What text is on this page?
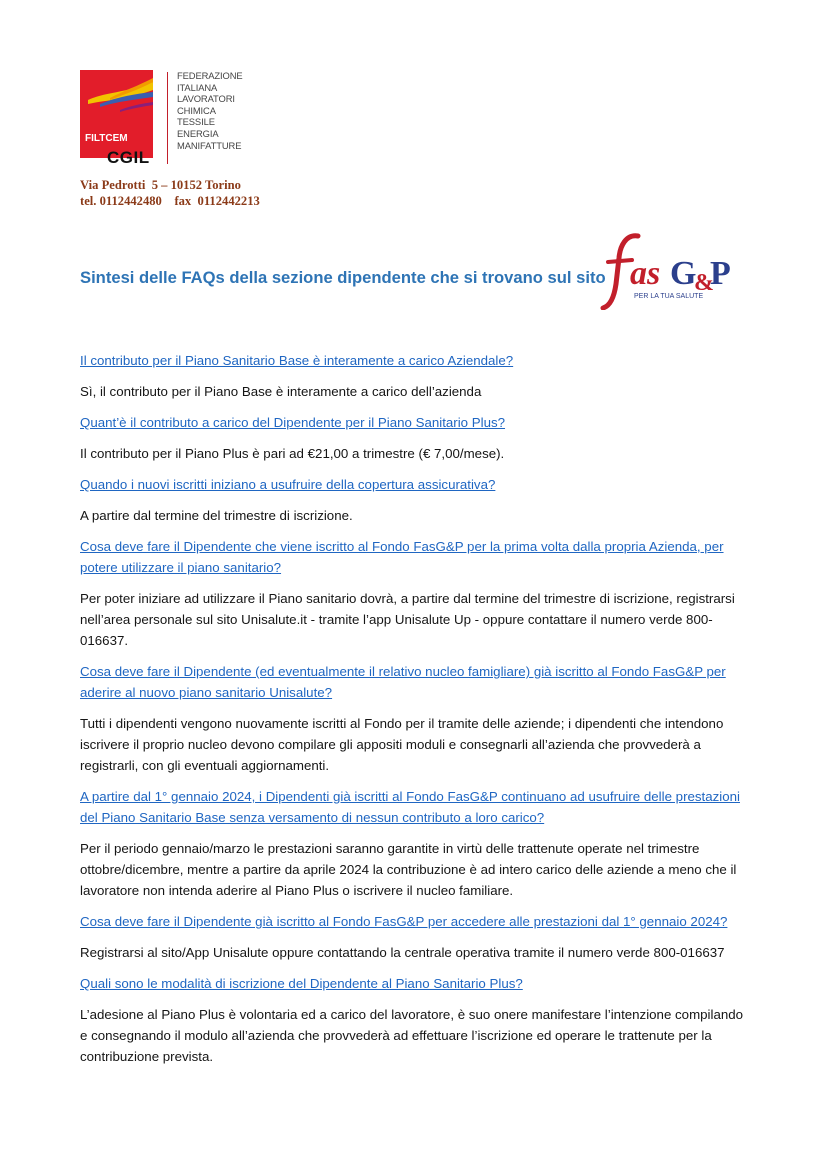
FILTCEM
CGIL
FEDERAZIONE
ITALIANA
LAVORATORI
CHIMICA
TESSILE
ENERGIA
MANIFATTURE
Via Pedrotti  5 – 10152 Torino
tel. 0112442480    fax  0112442213
Sintesi delle FAQs della sezione dipendente che si trovano sul sito as G
&
P
PER LA TUA SALUTE
Il contributo per il Piano Sanitario Base è interamente a carico Aziendale?

Sì, il contributo per il Piano Base è interamente a carico dell’azienda

Quant’è il contributo a carico del Dipendente per il Piano Sanitario Plus?

Il contributo per il Piano Plus è pari ad €21,00 a trimestre (€ 7,00/mese).

Quando i nuovi iscritti iniziano a usufruire della copertura assicurativa?

A partire dal termine del trimestre di iscrizione.

Cosa deve fare il Dipendente che viene iscritto al Fondo FasG&P per la prima volta dalla propria Azienda, per potere utilizzare il piano sanitario?

Per poter iniziare ad utilizzare il Piano sanitario dovrà, a partire dal termine del trimestre di iscrizione, registrarsi nell’area personale sul sito Unisalute.it - tramite l’app Unisalute Up - oppure contattare il numero verde 800-016637.

Cosa deve fare il Dipendente (ed eventualmente il relativo nucleo famigliare) già iscritto al Fondo FasG&P per aderire al nuovo piano sanitario Unisalute?

Tutti i dipendenti vengono nuovamente iscritti al Fondo per il tramite delle aziende; i dipendenti che intendono iscrivere il proprio nucleo devono compilare gli appositi moduli e consegnarli all’azienda che provvederà a registrarli, con gli eventuali aggiornamenti.

A partire dal 1° gennaio 2024, i Dipendenti già iscritti al Fondo FasG&P continuano ad usufruire delle prestazioni del Piano Sanitario Base senza versamento di nessun contributo a loro carico?

Per il periodo gennaio/marzo le prestazioni saranno garantite in virtù delle trattenute operate nel trimestre ottobre/dicembre, mentre a partire da aprile 2024 la contribuzione è ad intero carico delle aziende a meno che il lavoratore non intenda aderire al Piano Plus o iscrivere il nucleo familiare.

Cosa deve fare il Dipendente già iscritto al Fondo FasG&P per accedere alle prestazioni dal 1° gennaio 2024?

Registrarsi al sito/App Unisalute oppure contattando la centrale operativa tramite il numero verde 800-016637

Quali sono le modalità di iscrizione del Dipendente al Piano Sanitario Plus?

L’adesione al Piano Plus è volontaria ed a carico del lavoratore, è suo onere manifestare l’intenzione compilando e consegnando il modulo all’azienda che provvederà ad effettuare l’iscrizione ed operare le trattenute per la contribuzione prevista.
